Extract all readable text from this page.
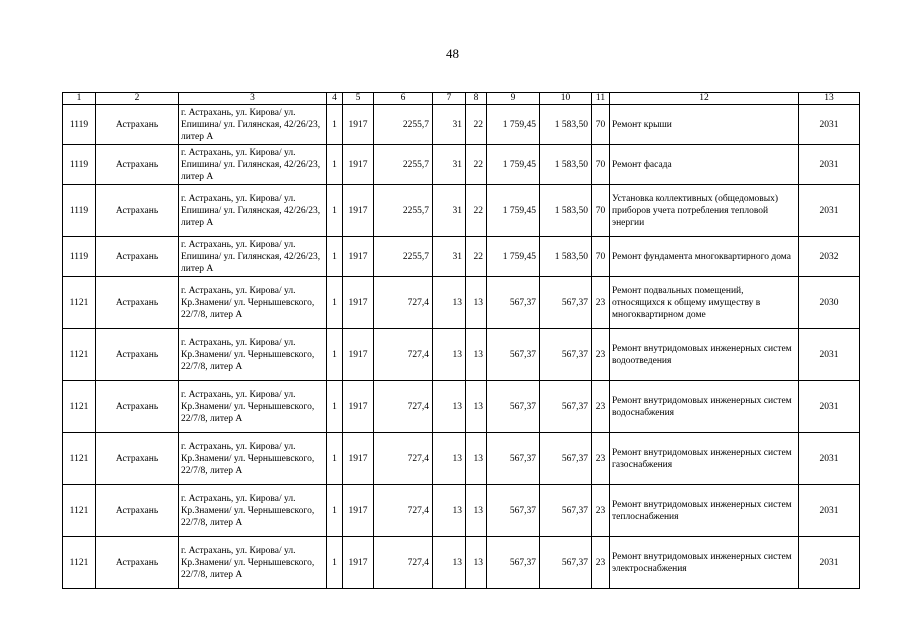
48
1	2	3	4	5	6	7	8	9	10	11	12	13
1119	Астрахань	г. Астрахань, ул. Кирова/ ул. Епишина/ ул. Гилянская, 42/26/23, литер А	1	1917	2255,7	31	22	1 759,45	1 583,50	70	Ремонт крыши	2031
1119	Астрахань	г. Астрахань, ул. Кирова/ ул. Епишина/ ул. Гилянская, 42/26/23, литер А	1	1917	2255,7	31	22	1 759,45	1 583,50	70	Ремонт фасада	2031
1119	Астрахань	г. Астрахань, ул. Кирова/ ул. Епишина/ ул. Гилянская, 42/26/23, литер А	1	1917	2255,7	31	22	1 759,45	1 583,50	70	Установка коллективных (общедомовых) приборов учета потребления тепловой энергии	2031
1119	Астрахань	г. Астрахань, ул. Кирова/ ул. Епишина/ ул. Гилянская, 42/26/23, литер А	1	1917	2255,7	31	22	1 759,45	1 583,50	70	Ремонт фундамента многоквартирного дома	2032
1121	Астрахань	г. Астрахань, ул. Кирова/ ул. Кр.Знамени/ ул. Чернышевского, 22/7/8, литер А	1	1917	727,4	13	13	567,37	567,37	23	Ремонт подвальных помещений, относящихся к общему имуществу в многоквартирном доме	2030
1121	Астрахань	г. Астрахань, ул. Кирова/ ул. Кр.Знамени/ ул. Чернышевского, 22/7/8, литер А	1	1917	727,4	13	13	567,37	567,37	23	Ремонт внутридомовых инженерных систем водоотведения	2031
1121	Астрахань	г. Астрахань, ул. Кирова/ ул. Кр.Знамени/ ул. Чернышевского, 22/7/8, литер А	1	1917	727,4	13	13	567,37	567,37	23	Ремонт внутридомовых инженерных систем водоснабжения	2031
1121	Астрахань	г. Астрахань, ул. Кирова/ ул. Кр.Знамени/ ул. Чернышевского, 22/7/8, литер А	1	1917	727,4	13	13	567,37	567,37	23	Ремонт внутридомовых инженерных систем газоснабжения	2031
1121	Астрахань	г. Астрахань, ул. Кирова/ ул. Кр.Знамени/ ул. Чернышевского, 22/7/8, литер А	1	1917	727,4	13	13	567,37	567,37	23	Ремонт внутридомовых инженерных систем теплоснабжения	2031
1121	Астрахань	г. Астрахань, ул. Кирова/ ул. Кр.Знамени/ ул. Чернышевского, 22/7/8, литер А	1	1917	727,4	13	13	567,37	567,37	23	Ремонт внутридомовых инженерных систем электроснабжения	2031
